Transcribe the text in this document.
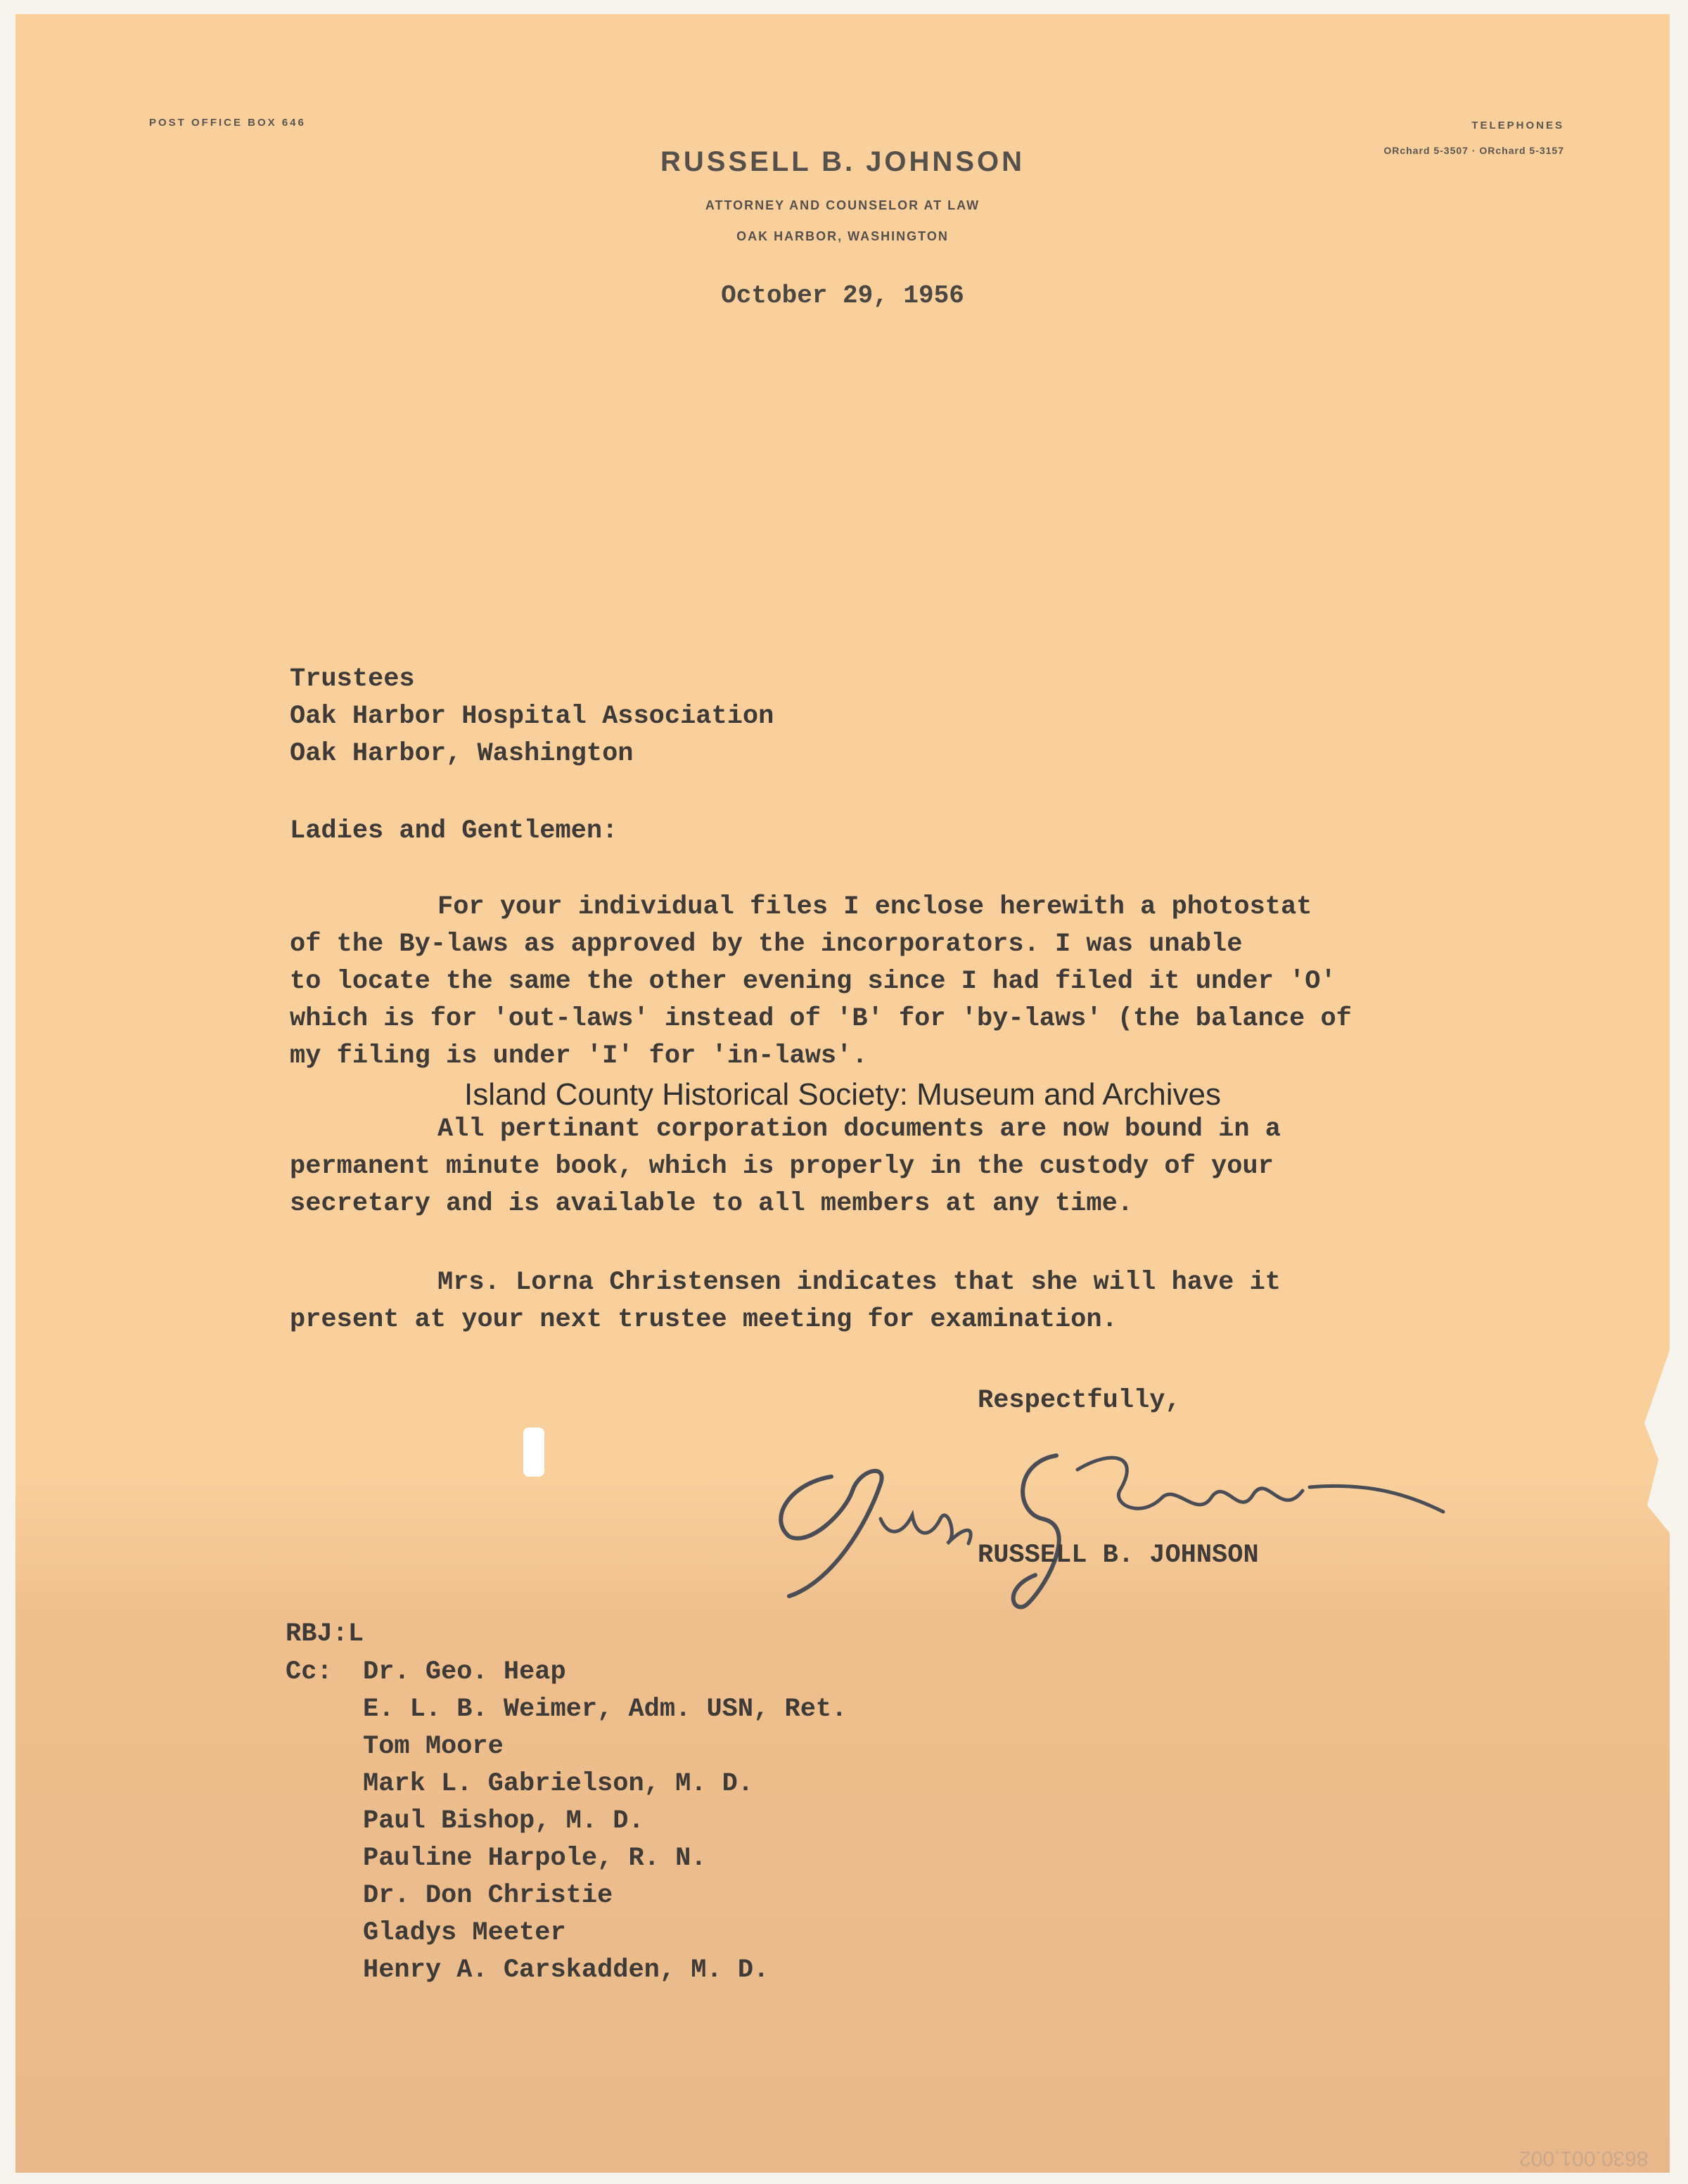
POST OFFICE BOX 646	TELEPHONES
ORchard 5-3507 · ORchard 5-3157
RUSSELL B. JOHNSON
ATTORNEY AND COUNSELOR AT LAW
OAK HARBOR, WASHINGTON
October 29, 1956
Trustees
Oak Harbor Hospital Association
Oak Harbor, Washington
Ladies and Gentlemen:
For your individual files I enclose herewith a photostat
of the By-laws as approved by the incorporators. I was unable
to locate the same the other evening since I had filed it under 'O'
which is for 'out-laws' instead of 'B' for 'by-laws' (the balance of
my filing is under 'I' for 'in-laws'.
Island County Historical Society: Museum and Archives
All pertinant corporation documents are now bound in a
permanent minute book, which is properly in the custody of your
secretary and is available to all members at any time.
Mrs. Lorna Christensen indicates that she will have it
present at your next trustee meeting for examination.
Respectfully,
RUSSELL B. JOHNSON
RBJ:L
Cc:	Dr. Geo. Heap
E. L. B. Weimer, Adm. USN, Ret.
Tom Moore
Mark L. Gabrielson, M. D.
Paul Bishop, M. D.
Pauline Harpole, R. N.
Dr. Don Christie
Gladys Meeter
Henry A. Carskadden, M. D.
8630.001.002
